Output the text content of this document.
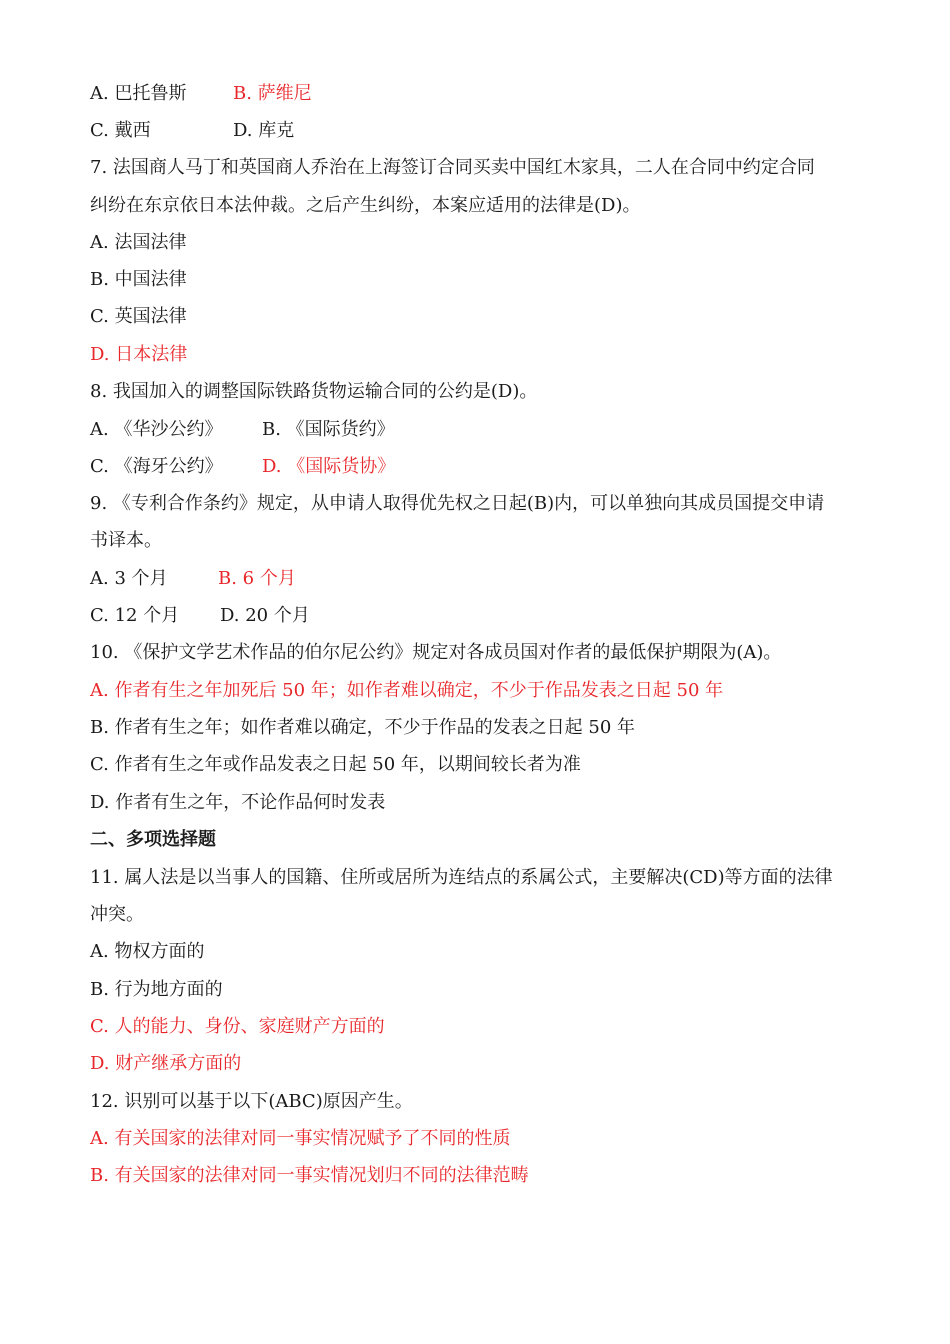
A. 巴托鲁斯	B. 萨维尼
C. 戴西	D. 库克
7. 法国商人马丁和英国商人乔治在上海签订合同买卖中国红木家具，二人在合同中约定合同
纠纷在东京依日本法仲裁。之后产生纠纷，本案应适用的法律是(D)。
A. 法国法律
B. 中国法律
C. 英国法律
D. 日本法律
8. 我国加入的调整国际铁路货物运输合同的公约是(D)。
A. 《华沙公约》 B. 《国际货约》
C. 《海牙公约》 D. 《国际货协》
9. 《专利合作条约》规定，从申请人取得优先权之日起(B)内，可以单独向其成员国提交申请
书译本。
A. 3 个月	B. 6 个月
C. 12 个月 D. 20 个月
10. 《保护文学艺术作品的伯尔尼公约》规定对各成员国对作者的最低保护期限为(A)。
A. 作者有生之年加死后 50 年；如作者难以确定，不少于作品发表之日起 50 年
B. 作者有生之年；如作者难以确定，不少于作品的发表之日起 50 年
C. 作者有生之年或作品发表之日起 50 年，以期间较长者为准
D. 作者有生之年，不论作品何时发表
二、多项选择题
11. 属人法是以当事人的国籍、住所或居所为连结点的系属公式，主要解决(CD)等方面的法律
冲突。
A. 物权方面的
B. 行为地方面的
C. 人的能力、身份、家庭财产方面的
D. 财产继承方面的
12. 识别可以基于以下(ABC)原因产生。
A. 有关国家的法律对同一事实情况赋予了不同的性质
B. 有关国家的法律对同一事实情况划归不同的法律范畴
